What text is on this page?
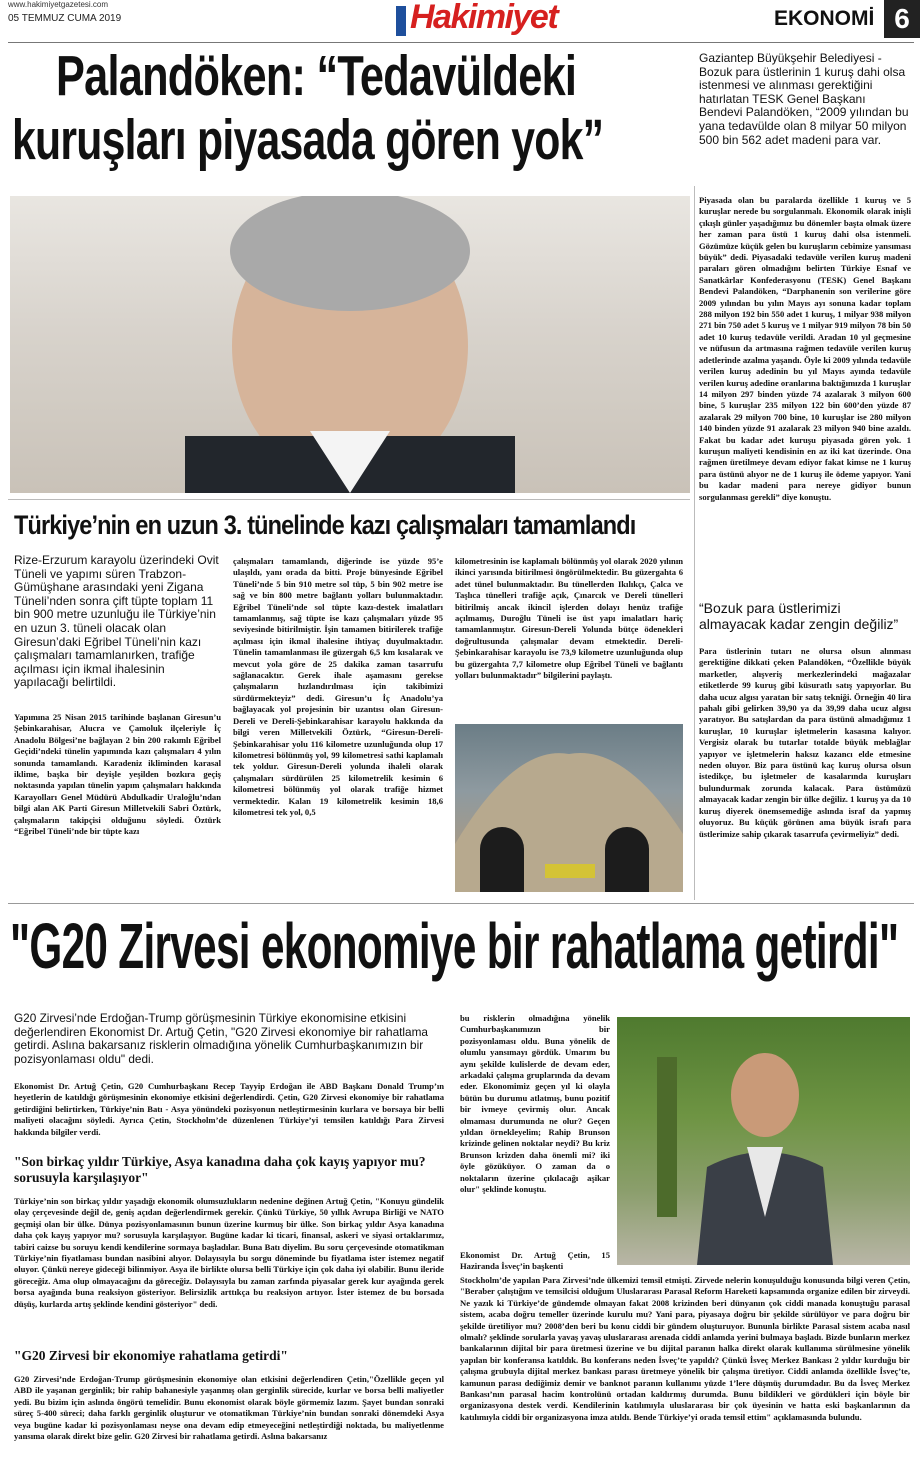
www.hakimiyetgazetesi.com
05 TEMMUZ CUMA 2019	Hakimiyet	EKONOMİ 6
Palandöken: “Tedavüldeki
kuruşları piyasada gören yok”
Gaziantep Büyükşehir Belediyesi - Bozuk para üstlerinin 1 kuruş dahi olsa istenmesi ve alınması gerektiğini hatırlatan TESK Genel Başkanı Bendevi Palandöken, “2009 yılından bu yana tedavülde olan 8 milyar 50 milyon 500 bin 562 adet madeni para var.
Piyasada olan bu paralarda özellikle 1 kuruş ve 5 kuruşlar nerede bu sorgulanmalı. Ekonomik olarak inişli çıkışlı günler yaşadığımız bu dönemler başta olmak üzere her zaman para üstü 1 kuruş dahi olsa istenmeli. Gözümüze küçük gelen bu kuruşların cebimize yansıması büyük” dedi. Piyasadaki tedavüle verilen kuruş madeni paraları gören olmadığını belirten Türkiye Esnaf ve Sanatkârlar Konfederasyonu (TESK) Genel Başkanı Bendevi Palandöken, “Darphanenin son verilerine göre 2009 yılından bu yılın Mayıs ayı sonuna kadar toplam 288 milyon 192 bin 550 adet 1 kuruş, 1 milyar 938 milyon 271 bin 750 adet 5 kuruş ve 1 milyar 919 milyon 78 bin 50 adet 10 kuruş tedavüle verildi. Aradan 10 yıl geçmesine ve nüfusun da artmasına rağmen tedavüle verilen kuruş adetlerinde azalma yaşandı. Öyle ki 2009 yılında tedavüle verilen kuruş adedinin bu yıl Mayıs ayında tedavüle verilen kuruş adedine oranlarına baktığımızda 1 kuruşlar 14 milyon 297 binden yüzde 74 azalarak 3 milyon 600 bine, 5 kuruşlar 235 milyon 122 bin 600’den yüzde 87 azalarak 29 milyon 700 bine, 10 kuruşlar ise 280 milyon 140 binden yüzde 91 azalarak 23 milyon 940 bine azaldı. Fakat bu kadar adet kuruşu piyasada gören yok. 1 kuruşun maliyeti kendisinin en az iki kat üzerinde. Ona rağmen üretilmeye devam ediyor fakat kimse ne 1 kuruş para üstünü alıyor ne de 1 kuruş ile ödeme yapıyor. Yani bu kadar madeni para nereye gidiyor bunun sorgulanması gerekli” diye konuştu.
“Bozuk para üstlerimizi almayacak kadar zengin değiliz”
Para üstlerinin tutarı ne olursa olsun alınması gerektiğine dikkati çeken Palandöken, “Özellikle büyük marketler, alışveriş merkezlerindeki mağazalar etiketlerde 99 kuruş gibi küsuratlı satış yapıyorlar. Bu daha ucuz algısı yaratan bir satış tekniği. Örneğin 40 lira pahalı gibi gelirken 39,90 ya da 39,99 daha ucuz algısı yaratıyor. Bu satışlardan da para üstünü almadığımız 1 kuruşlar, 10 kuruşlar işletmelerin kasasına kalıyor. Vergisiz olarak bu tutarlar totalde büyük meblağlar yapıyor ve işletmelerin haksız kazancı elde etmesine neden oluyor. Biz para üstünü kaç kuruş olursa olsun istedikçe, bu işletmeler de kasalarında kuruşları bulundurmak zorunda kalacak. Para üstümüzü almayacak kadar zengin bir ülke değiliz. 1 kuruş ya da 10 kuruş diyerek önemsemediğe aslında israf da yapmış oluyoruz. Bu küçük görünen ama büyük israfı para üstlerimize sahip çıkarak tasarrufa çevirmeliyiz” dedi.
Türkiye’nin en uzun 3. tünelinde kazı çalışmaları tamamlandı
Rize-Erzurum karayolu üzerindeki Ovit Tüneli ve yapımı süren Trabzon-Gümüşhane arasındaki yeni Zigana Tüneli’nden sonra çift tüpte toplam 11 bin 900 metre uzunluğu ile Türkiye’nin en uzun 3. tüneli olacak olan Giresun’daki Eğribel Tüneli’nin kazı çalışmaları tamamlanırken, trafiğe açılması için ikmal ihalesinin yapılacağı belirtildi.
Yapımına 25 Nisan 2015 tarihinde başlanan Giresun’u Şebinkarahisar, Alucra ve Çamoluk ilçeleriyle İç Anadolu Bölgesi’ne bağlayan 2 bin 200 rakımlı Eğribel Geçidi’ndeki tünelin yapımında kazı çalışmaları 4 yılın sonunda tamamlandı. Karadeniz ikliminden karasal iklime, başka bir deyişle yeşilden bozkıra geçiş noktasında yapılan tünelin yapım çalışmaları hakkında Karayolları Genel Müdürü Abdulkadir Uraloğlu’ndan bilgi alan AK Parti Giresun Milletvekili Sabri Öztürk, çalışmaların takipçisi olduğunu söyledi. Öztürk “Eğribel Tüneli’nde bir tüpte kazı
çalışmaları tamamlandı, diğerinde ise yüzde 95’e ulaşıldı, yanı orada da bitti. Proje bünyesinde Eğribel Tüneli’nde 5 bin 910 metre sol tüp, 5 bin 902 metre ise sağ ve bin 800 metre bağlantı yolları bulunmaktadır. Eğribel Tüneli’nde sol tüpte kazı-destek imalatları tamamlanmış, sağ tüpte ise kazı çalışmaları yüzde 95 seviyesinde bitirilmiştir. İşin tamamen bitirilerek trafiğe açılması için ikmal ihalesine ihtiyaç duyulmaktadır. Tünelin tamamlanması ile güzergah 6,5 km kısalarak ve mevcut yola göre de 25 dakika zaman tasarrufu sağlanacaktır. Gerek ihale aşamasını gerekse çalışmaların hızlandırılması için takibimizi sürdürmekteyiz” dedi. Giresun’u İç Anadolu’ya bağlayacak yol projesinin bir uzantısı olan Giresun-Dereli ve Dereli-Şebinkarahisar karayolu hakkında da bilgi veren Milletvekili Öztürk, “Giresun-Dereli-Şebinkarahisar yolu 116 kilometre uzunluğunda olup 17 kilometresi bölünmüş yol, 99 kilometresi sathi kaplamalı tek yoldur. Giresun-Dereli yolunda ihaleli olarak çalışmaları sürdürülen 25 kilometrelik kesimin 6 kilometresi bölünmüş yol olarak trafiğe hizmet vermektedir. Kalan 19 kilometrelik kesimin 18,6 kilometresi tek yol, 0,5
kilometresinin ise kaplamalı bölünmüş yol olarak 2020 yılının ikinci yarısında bitirilmesi öngörülmektedir. Bu güzergahta 6 adet tünel bulunmaktadır. Bu tünellerden Ikılıkçı, Çalca ve Taşlıca tünelleri trafiğe açık, Çınarcık ve Dereli tünelleri bitirilmiş ancak ikincil işlerden dolayı henüz trafiğe açılmamış, Duroğlu Tüneli ise üst yapı imalatları hariç tamamlanmıştır. Giresun-Dereli Yolunda bütçe ödenekleri doğrultusunda çalışmalar devam etmektedir. Dereli-Şebinkarahisar karayolu ise 73,9 kilometre uzunluğunda olup bu güzergahta 7,7 kilometre olup Eğribel Tüneli ve bağlantı yolları bulunmaktadır” bilgilerini paylaştı.
"G20 Zirvesi ekonomiye bir rahatlama getirdi"
G20 Zirvesi’nde Erdoğan-Trump görüşmesinin Türkiye ekonomisine etkisini değerlendiren Ekonomist Dr. Artuğ Çetin, "G20 Zirvesi ekonomiye bir rahatlama getirdi. Aslına bakarsanız risklerin olmadığına yönelik Cumhurbaşkanımızın bir pozisyonlaması oldu" dedi.
Ekonomist Dr. Artuğ Çetin, G20 Cumhurbaşkanı Recep Tayyip Erdoğan ile ABD Başkanı Donald Trump’ın heyetlerin de katıldığı görüşmesinin ekonomiye etkisini değerlendirdi. Çetin, G20 Zirvesi ekonomiye bir rahatlama getirdiğini belirtirken, Türkiye’nin Batı - Asya yönündeki pozisyonun netleştirmesinin kurlara ve borsaya bir belli maliyeti olacağını söyledi. Ayrıca Çetin, Stockholm’de düzenlenen Türkiye’yi temsilen katıldığı Para Zirvesi hakkında bilgiler verdi.
"Son birkaç yıldır Türkiye, Asya kanadına daha çok kayış yapıyor mu? sorusuyla karşılaşıyor"
Türkiye’nin son birkaç yıldır yaşadığı ekonomik olumsuzlukların nedenine değinen Artuğ Çetin, "Konuyu gündelik olay çerçevesinde değil de, geniş açıdan değerlendirmek gerekir. Çünkü Türkiye, 50 yıllık Avrupa Birliği ve NATO geçmişi olan bir ülke. Dünya pozisyonlamasının bunun üzerine kurmuş bir ülke. Son birkaç yıldır Asya kanadına daha çok kayış yapıyor mu? sorusuyla karşılaşıyor. Bugüne kadar ki ticari, finansal, askeri ve siyasi ortaklarımız, tabiri caizse bu soruyu kendi kendilerine sormaya başladılar. Buna Batı diyelim. Bu soru çerçevesinde otomatikman Türkiye’nin fiyatlaması bundan nasibini alıyor. Dolayısıyla bu sorgu döneminde bu fiyatlama ister istemez negatif oluyor. Çünkü nereye gideceği bilinmiyor. Asya ile birlikte olursa belli Türkiye için çok daha iyi olabilir. Bunu ileride göreceğiz. Ama olup olmayacağını da göreceğiz. Dolayısıyla bu zaman zarfında piyasalar gerek kur ayağında gerek borsa ayağında buna reaksiyon gösteriyor. Belirsizlik arttıkça bu reaksiyon artıyor. İster istemez de bu borsada düşüş, kurlarda artış şeklinde kendini gösteriyor" dedi.
"G20 Zirvesi bir ekonomiye rahatlama getirdi"
G20 Zirvesi’nde Erdoğan-Trump görüşmesinin ekonomiye olan etkisini değerlendiren Çetin,"Özellikle geçen yıl ABD ile yaşanan gerginlik; bir rahip bahanesiyle yaşanmış olan gerginlik sürecide, kurlar ve borsa belli maliyetler yedi. Bu bizim için aslında öngörü temelidir. Bunu ekonomist olarak böyle görmemiz lazım. Şayet bundan sonraki süreç 5-400 süreci; daha farklı gerginlik oluşturur ve otomatikman Türkiye’nin bundan sonraki dönemdeki Asya veya bugüne kadar ki pozisyonlaması neyse ona devam edip etmeyeceğini netleştirdiği noktada, bu maliyetlenme yansıma olarak direkt bize gelir. G20 Zirvesi bir rahatlama getirdi. Aslına bakarsanız
bu risklerin olmadığına yönelik Cumhurbaşkanımızın bir pozisyonlaması oldu. Buna yönelik de olumlu yansımayı gördük. Umarım bu aynı şekilde kulislerde de devam eder, arkadaki çalışma gruplarında da devam eder. Ekonomimiz geçen yıl ki olayla bütün bu durumu atlatmış, bunu pozitif bir ivmeye çevirmiş olur. Ancak olmaması durumunda ne olur? Geçen yıldan örnekleyelim; Rahip Brunson krizinde gelinen noktalar neydi? Bu kriz Brunson krizden daha önemli mi? iki öyle gözüküyor. O zaman da o noktaların üzerine çıkılacağı aşikar olur" şeklinde konuştu.
Ekonomist Dr. Artuğ Çetin, 15 Haziranda İsveç’in başkenti
Stockholm’de yapılan Para Zirvesi’nde ülkemizi temsil etmişti. Zirvede nelerin konuşulduğu konusunda bilgi veren Çetin, "Beraber çalıştığım ve temsilcisi olduğum Uluslararası Parasal Reform Hareketi kapsamında organize edilen bir zirveydi. Ne yazık ki Türkiye’de gündemde olmayan fakat 2008 krizinden beri dünyanın çok ciddi manada konuştuğu parasal sistem, acaba doğru temeller üzerinde kurulu mu? Yani para, piyasaya doğru bir şekilde sürülüyor ve para doğru bir şekilde üretiliyor mu? 2008’den beri bu konu ciddi bir gündem oluşturuyor. Bununla birlikte Parasal sistem acaba nasıl olmalı? şeklinde sorularla yavaş yavaş uluslararası arenada ciddi anlamda yerini bulmaya başladı. Bizde bunların merkez bankalarının dijital bir para üretmesi üzerine ve bu dijital paranın halka direkt olarak kullanıma sürülmesine yönelik yapılan bir konferansa katıldık. Bu konferans neden İsveç’te yapıldı? Çünkü İsveç Merkez Bankası 2 yıldır kurduğu bir çalışma grubuyla dijital merkez bankası parası üretmeye yönelik bir çalışma üretiyor. Ciddi anlamda özellikle İsveç’te, kamunun parası dediğimiz demir ve banknot paranın kullanımı yüzde 1’lere düşmüş durumdadır. Bu da İsveç Merkez Bankası’nın parasal hacim kontrolünü ortadan kaldırmış durumda. Bunu bildikleri ve gördükleri için böyle bir organizasyona destek verdi. Kendilerinin katılımıyla uluslararası bir çok üyesinin ve hatta eski başkanlarının da katılımıyla ciddi bir organizasyona imza atıldı. Bende Türkiye’yi orada temsil ettim" açıklamasında bulundu.
